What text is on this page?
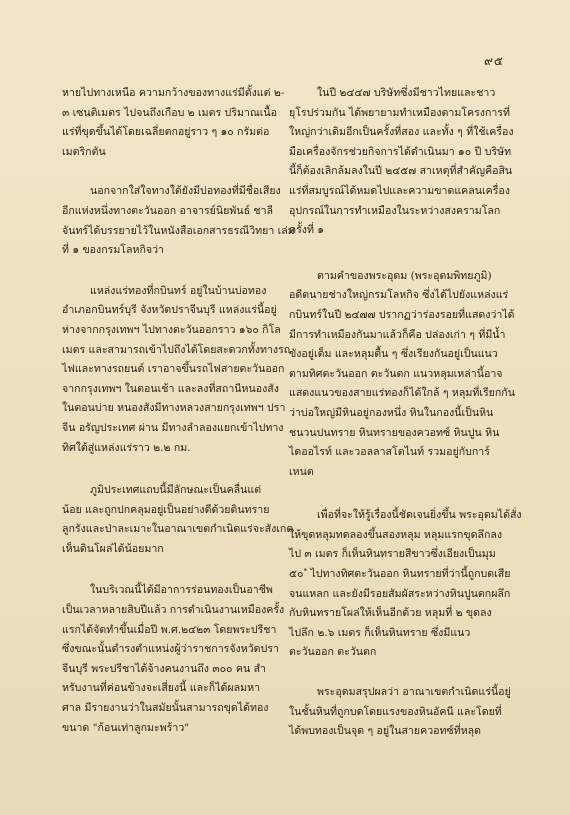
๙๕
หายไปทางเหนือ ความกว้างของทางแร่มีตั้งแต่ ๒-
๓ เซนติเมตร ไปจนถึงเกือบ ๒ เมตร ปริมาณเนื้อ
แร่ที่ขุดขึ้นได้โดยเฉลี่ยตกอยู่ราว ๆ ๑๐ กรัมต่อ
เมตริกตัน
นอกจากใส่ใจทางใต้ยังมีบ่อทองที่มีชื่อเสียง
อีกแห่งหนึ่งทางตะวันออก อาจารย์นิยพันธ์ ชาลี
จันทร์ได้บรรยายไว้ในหนังสือเอกสารธรณีวิทยา เล่ม
ที่ ๑ ของกรมโลหกิจว่า
แหล่งแร่ทองที่กบินทร์ อยู่ในบ้านบ่อทอง
อำเภอกบินทร์บุรี จังหวัดปราจีนบุรี แหล่งแร่นี้อยู่
ห่างจากกรุงเทพฯ ไปทางตะวันออกราว ๑๖๐ กิโล
เมตร และสามารถเข้าไปถึงได้โดยสะดวกทั้งทางรถ
ไฟและทางรถยนต์ เราอาจขึ้นรถไฟสายตะวันออก
จากกรุงเทพฯ ในตอนเช้า และลงที่สถานีหนองสัง
ในตอนบ่าย หนองสังมีทางหลวงสายกรุงเทพฯ ปรา
จีน อรัญประเทศ ผ่าน มีทางลำลองแยกเข้าไปทาง
ทิศใต้สู่แหล่งแร่ราว ๒.๒ กม.
ภูมิประเทศแถบนี้มีลักษณะเป็นคลื่นแต่
น้อย และถูกปกคลุมอยู่เป็นอย่างดีด้วยดินทราย
ลูกรังและป่าละเมาะในอาณาเขตกำเนิดแร่จะสังเกต
เห็นดินโผล่ได้น้อยมาก
ในบริเวณนี้ได้มีอาการร่อนทองเป็นอาชีพ
เป็นเวลาหลายสิบปีแล้ว การดำเนินงานเหมืองครั้ง
แรกได้จัดทำขึ้นเมื่อปี พ.ศ.๒๔๒๓ โดยพระปรีชา
ซึ่งขณะนั้นดำรงตำแหน่งผู้ว่าราชการจังหวัดปรา
จีนบุรี พระปรีชาได้จ้างคนงานถึง ๓๐๐ คน สำ
หรับงานที่ค่อนข้างจะเสี่ยงนี้ และก็ได้ผลมหา
ศาล มีรายงานว่าในสมัยนั้นสามารถขุดได้ทอง
ขนาด "ก้อนเท่าลูกมะพร้าว"
ในปี ๒๔๔๗ บริษัทซึ่งมีชาวไทยและชาว
ยุโรปร่วมกัน ได้พยายามทำเหมืองตามโครงการที่
ใหญ่กว่าเดิมอีกเป็นครั้งที่สอง และทั้ง ๆ ที่ใช้เครื่อง
มือเครื่องจักรช่วยกิจการได้ดำเนินมา ๑๐ ปี บริษัท
นี้ก็ต้องเลิกล้มลงในปี ๒๔๕๗ สาเหตุที่สำคัญคือสิน
แร่ที่สมบูรณ์ได้หมดไปและความขาดแคลนเครื่อง
อุปกรณ์ในการทำเหมืองในระหว่างสงครามโลก
ครั้งที่ ๑
ตามคำของพระอุดม (พระอุดมพิทยภูมิ)
อดีตนายช่างใหญ่กรมโลหกิจ ซึ่งได้ไปยังแหล่งแร่
กบินทร์ในปี ๒๔๗๗ ปรากฏว่าร่องรอยที่แสดงว่าได้
มีการทำเหมืองกันมาแล้วก็คือ ปล่องเก่า ๆ ที่มีน้ำ
ขังอยู่เต็ม และหลุมตื้น ๆ ซึ่งเรียงกันอยู่เป็นแนว
ตามทิศตะวันออก ตะวันตก แนวหลุมเหล่านี้อาจ
แสดงแนวของสายแร่ทองก็ได้ใกล้ ๆ หลุมที่เรียกกัน
ว่าบ่อใหญ่มีหินอยู่กองหนึ่ง หินในกองนี้เป็นหิน
ชนวนปนทราย หินทรายของควอทซ์ หินปูน หิน
ไดออไรท์ และวอลลาสโตไนท์ รวมอยู่กับการ์
เหนต
เพื่อที่จะให้รู้เรื่องนี้ชัดเจนยิ่งขึ้น พระอุดมได้สั่ง
ให้ขุดหลุมทดลองขึ้นสองหลุม หลุมแรกขุดลึกลง
ไป ๓ เมตร ก็เห็นหินทรายสีขาวซึ่งเอียงเป็นมุม
๕๐ ํ ไปทางทิศตะวันออก หินทรายที่ว่านี้ถูกบดเสีย
จนแหลก และยังมีรอยสัมผัสระหว่างหินปูนตกผลึก
กับหินทรายโผล่ให้เห็นอีกด้วย หลุมที่ ๒ ขุดลง
ไปลึก ๒.๖ เมตร ก็เห็นหินทราย ซึ่งมีแนว
ตะวันออก ตะวันตก
พระอุดมสรุปผลว่า อาณาเขตกำเนิดแร่นี้อยู่
ในชั้นหินที่ถูกบดโดยแรงของหินอัคนี และโดยที่
ได้พบทองเป็นจุด ๆ อยู่ในสายควอทซ์ที่หลุด
